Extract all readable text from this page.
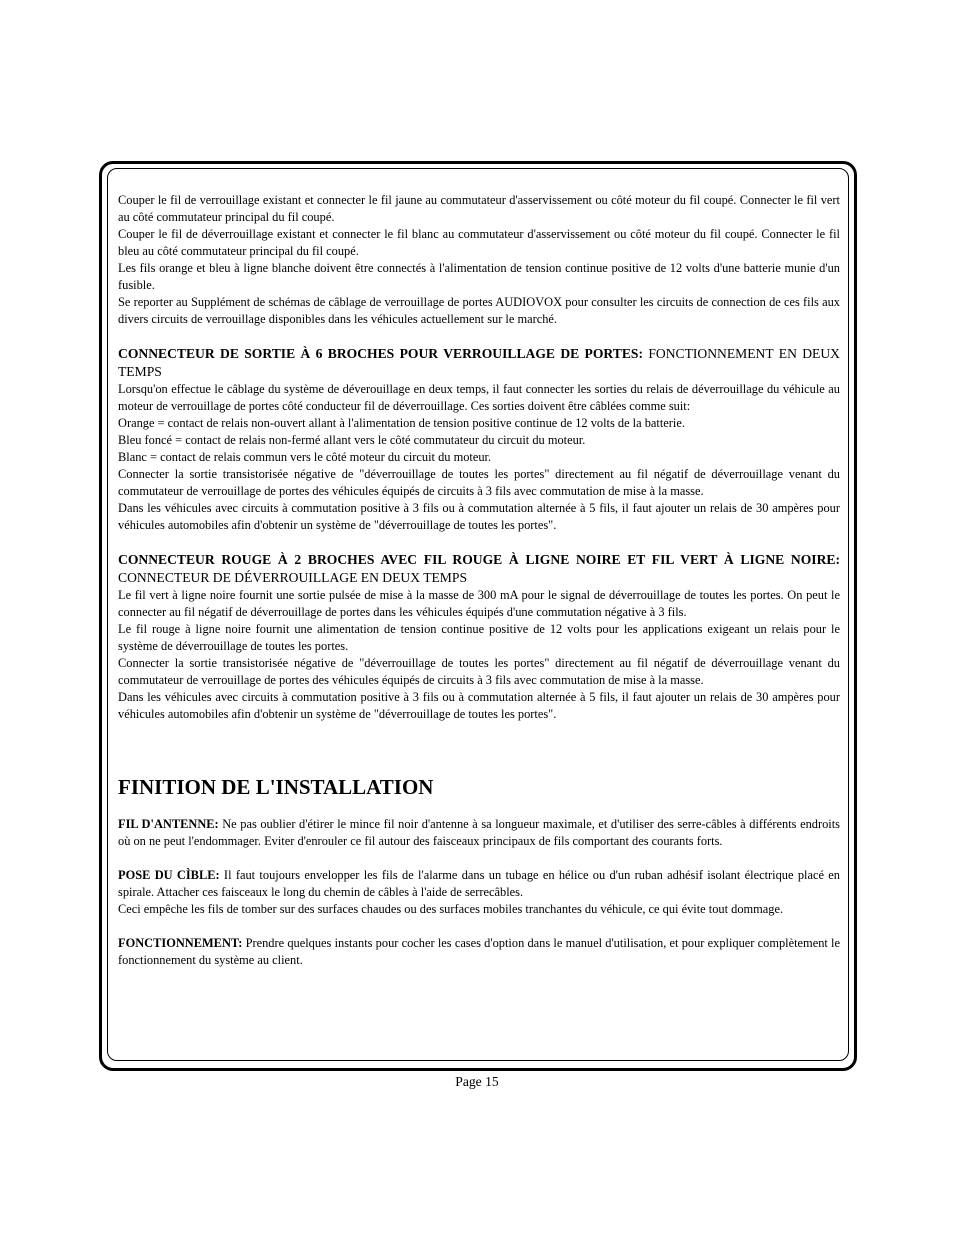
Couper le fil de verrouillage existant et connecter le fil jaune au commutateur d'asservissement ou côté moteur du fil coupé. Connecter le fil vert au côté commutateur principal du fil coupé.

Couper le fil de déverrouillage existant et connecter le fil blanc au commutateur d'asservissement ou côté moteur du fil coupé. Connecter le fil bleu au côté commutateur principal du fil coupé.

Les fils orange et bleu à ligne blanche doivent être connectés à l'alimentation de tension continue positive de 12 volts d'une batterie munie d'un fusible.

Se reporter au Supplément de schémas de câblage de verrouillage de portes AUDIOVOX pour consulter les circuits de connection de ces fils aux divers circuits de verrouillage disponibles dans les véhicules actuellement sur le marché.

CONNECTEUR DE SORTIE À 6 BROCHES POUR VERROUILLAGE DE PORTES: FONCTIONNEMENT EN DEUX TEMPS

Lorsqu'on effectue le câblage du système de déverouillage en deux temps, il faut connecter les sorties du relais de déverrouillage du véhicule au moteur de verrouillage de portes côté conducteur fil de déverrouillage. Ces sorties doivent être câblées comme suit:

Orange = contact de relais non-ouvert allant à l'alimentation de tension positive continue de 12 volts de la batterie.

Bleu foncé = contact de relais non-fermé allant vers le côté commutateur du circuit du moteur.

Blanc = contact de relais commun vers le côté moteur du circuit du moteur.

Connecter la sortie transistorisée négative de "déverrouillage de toutes les portes" directement au fil négatif de déverrouillage venant du commutateur de verrouillage de portes des véhicules équipés de circuits à 3 fils avec commutation de mise à la masse.

Dans les véhicules avec circuits à commutation positive à 3 fils ou à commutation alternée à 5 fils, il faut ajouter un relais de 30 ampères pour véhicules automobiles afin d'obtenir un système de "déverrouillage de toutes les portes".

CONNECTEUR ROUGE À 2 BROCHES AVEC FIL ROUGE À LIGNE NOIRE ET FIL VERT À LIGNE NOIRE: CONNECTEUR DE DÉVERROUILLAGE EN DEUX TEMPS

Le fil vert à ligne noire fournit une sortie pulsée de mise à la masse de 300 mA pour le signal de déverrouillage de toutes les portes. On peut le connecter au fil négatif de déverrouillage de portes dans les véhicules équipés d'une commutation négative à 3 fils.

Le fil rouge à ligne noire fournit une alimentation de tension continue positive de 12 volts pour les applications exigeant un relais pour le système de déverrouillage de toutes les portes.

Connecter la sortie transistorisée négative de "déverrouillage de toutes les portes" directement au fil négatif de déverrouillage venant du commutateur de verrouillage de portes des véhicules équipés de circuits à 3 fils avec commutation de mise à la masse.

Dans les véhicules avec circuits à commutation positive à 3 fils ou à commutation alternée à 5 fils, il faut ajouter un relais de 30 ampères pour véhicules automobiles afin d'obtenir un système de "déverrouillage de toutes les portes".

FINITION DE L'INSTALLATION

FIL D'ANTENNE: Ne pas oublier d'étirer le mince fil noir d'antenne à sa longueur maximale, et d'utiliser des serre-câbles à différents endroits où on ne peut l'endommager. Eviter d'enrouler ce fil autour des faisceaux principaux de fils comportant des courants forts.

POSE DU CÌBLE: Il faut toujours envelopper les fils de l'alarme dans un tubage en hélice ou d'un ruban adhésif isolant électrique placé en spirale. Attacher ces faisceaux le long du chemin de câbles à l'aide de serrecâbles.

Ceci empêche les fils de tomber sur des surfaces chaudes ou des surfaces mobiles tranchantes du véhicule, ce qui évite tout dommage.

FONCTIONNEMENT: Prendre quelques instants pour cocher les cases d'option dans le manuel d'utilisation, et pour expliquer complètement le fonctionnement du système au client.

Page 15
